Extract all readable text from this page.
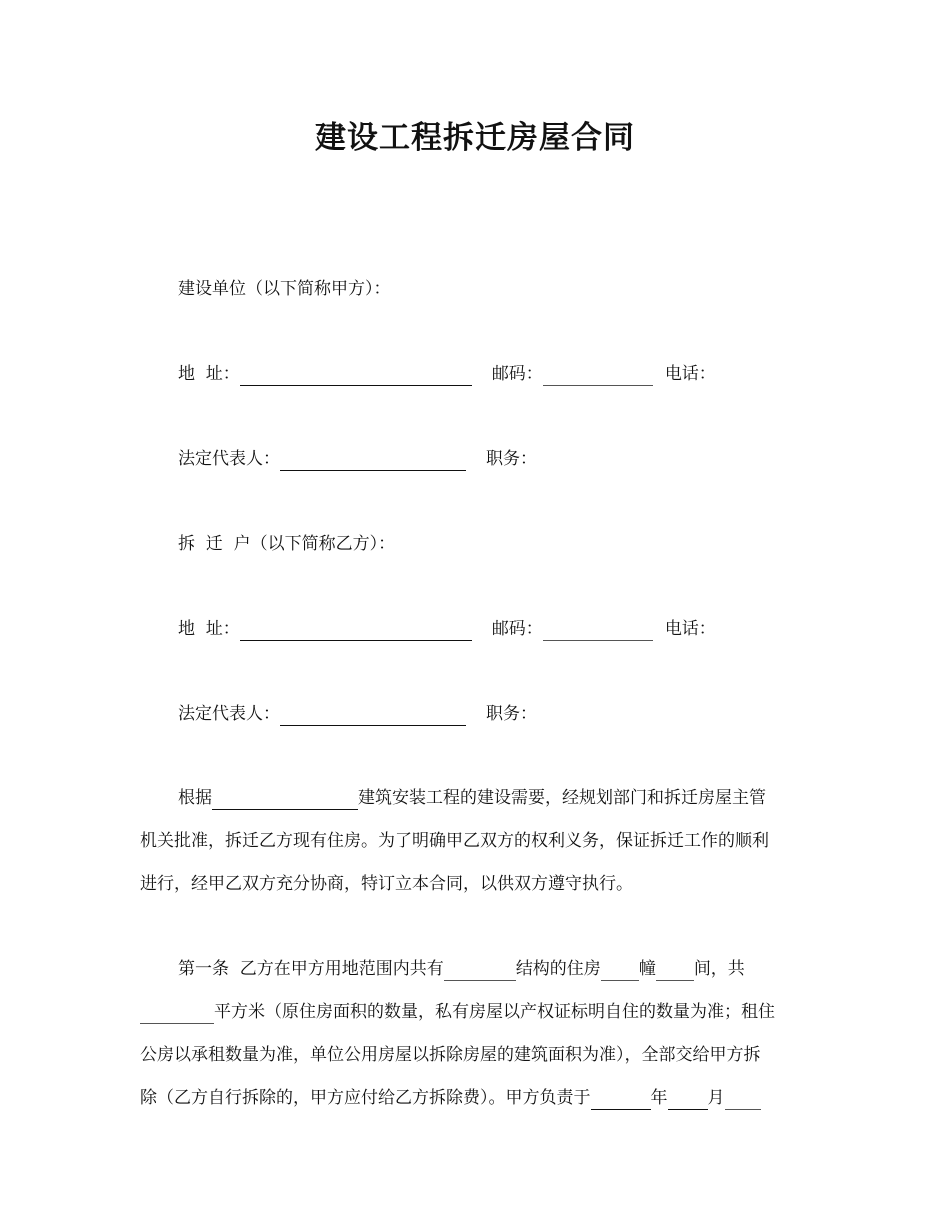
建设工程拆迁房屋合同
建设单位（以下简称甲方）：
地  址：	邮码：	电话：
法定代表人：	职务：
拆  迁  户（以下简称乙方）：
地  址：	邮码：	电话：
法定代表人：	职务：
根据	建筑安装工程的建设需要，经规划部门和拆迁房屋主管
机关批准，拆迁乙方现有住房。为了明确甲乙双方的权利义务，保证拆迁工作的顺利
进行，经甲乙双方充分协商，特订立本合同，以供双方遵守执行。
第一条  乙方在甲方用地范围内共有	结构的住房 幢 间，共
平方米（原住房面积的数量，私有房屋以产权证标明自住的数量为准；租住
公房以承租数量为准，单位公用房屋以拆除房屋的建筑面积为准），全部交给甲方拆
除（乙方自行拆除的，甲方应付给乙方拆除费）。甲方负责于	年 月
